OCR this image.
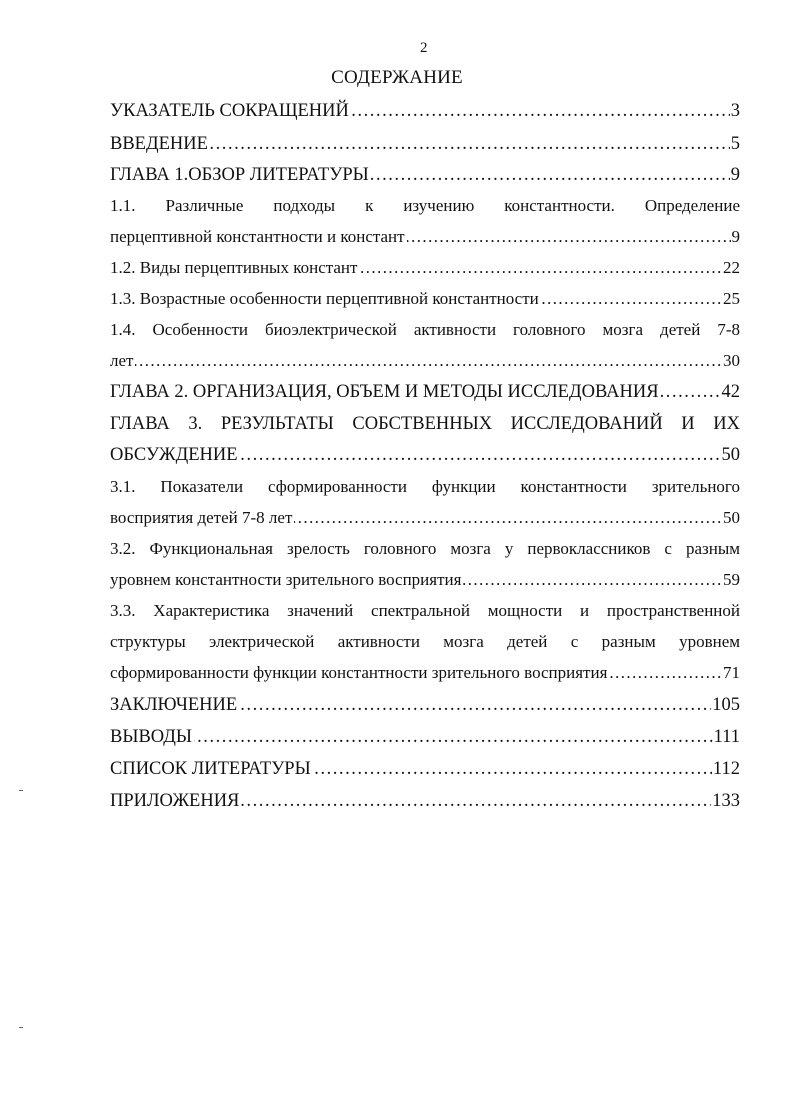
2
СОДЕРЖАНИЕ
УКАЗАТЕЛЬ СОКРАЩЕНИЙ	3
……………………………………………………………………………………………………………………………………………
ВВЕДЕНИЕ	5
……………………………………………………………………………………………………………………………………………
ГЛАВА 1.ОБЗОР ЛИТЕРАТУРЫ	9
……………………………………………………………………………………………………………………………………………
1.1. Различные подходы к изучению константности. Определение
перцептивной константности и констант	9
……………………………………………………………………………………………………………………………………………
1.2. Виды перцептивных констант	22
……………………………………………………………………………………………………………………………………………
1.3. Возрастные особенности перцептивной константности	25
……………………………………………………………………………………………………………………………………………
1.4. Особенности биоэлектрической активности головного мозга детей 7-8
лет	30
……………………………………………………………………………………………………………………………………………
ГЛАВА 2. ОРГАНИЗАЦИЯ, ОБЪЕМ И МЕТОДЫ ИССЛЕДОВАНИЯ	42
……………………………………………………………………………………………………………………………………………
ГЛАВА 3. РЕЗУЛЬТАТЫ СОБСТВЕННЫХ ИССЛЕДОВАНИЙ И ИХ
ОБСУЖДЕНИЕ	50
……………………………………………………………………………………………………………………………………………
3.1. Показатели сформированности функции константности зрительного
восприятия детей 7-8 лет	50
……………………………………………………………………………………………………………………………………………
3.2. Функциональная зрелость головного мозга у первоклассников с разным
уровнем константности зрительного восприятия	59
……………………………………………………………………………………………………………………………………………
3.3. Характеристика значений спектральной мощности и пространственной
структуры электрической активности мозга детей с разным уровнем
сформированности функции константности зрительного восприятия	71
……………………………………………………………………………………………………………………………………………
ЗАКЛЮЧЕНИЕ	105
……………………………………………………………………………………………………………………………………………
ВЫВОДЫ	111
……………………………………………………………………………………………………………………………………………
СПИСОК ЛИТЕРАТУРЫ	112
……………………………………………………………………………………………………………………………………………
ПРИЛОЖЕНИЯ	133
……………………………………………………………………………………………………………………………………………
